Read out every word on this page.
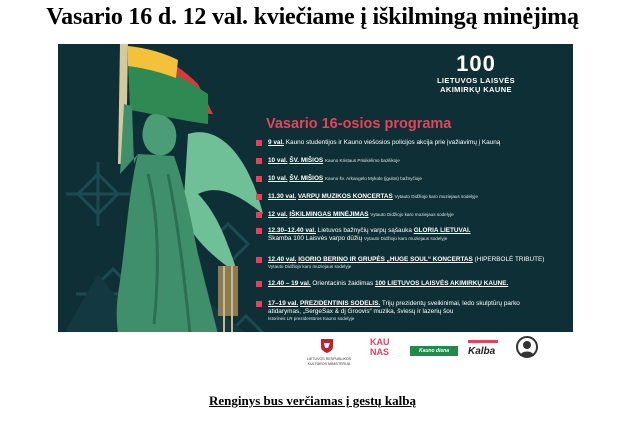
Vasario 16 d. 12 val. kviečiame į iškilmingą minėjimą
100
LIETUVOS LAISVĖS
AKIMIRKŲ KAUNE
Vasario 16-osios programa
9 val. Kauno studentijos ir Kauno viešosios policijos akcija prie įvažiavimų į Kauną
10 val. ŠV. MIŠIOS Kauno Kristaus Prisikėlimo bazilikoje
10 val. ŠV. MIŠIOS Kauno šv. Arkangelo Mykolo (įgulos) bažnyčioje
11.30 val. VARPŲ MUZIKOS KONCERTAS Vytauto Didžiojo karo muziejaus sodelyje
12 val. IŠKILMINGAS MINĖJIMAS Vytauto Didžiojo karo muziejaus sodelyje
12.30–12.40 val. Lietuvos bažnyčių varpų sąšauka GLORIA LIETUVAI.
Skamba 100 Laisvės varpo dūžių Vytauto Didžiojo karo muziejaus sodelyje
12.40 val. IGORIO BERINO IR GRUPĖS „HUGE SOUL“ KONCERTAS (HIPERBOLĖ TRIBUTE)
Vytauto Didžiojo karo muziejaus sodelyje
12.40 – 19 val. Orientacinis žaidimas 100 LIETUVOS LAISVĖS AKIMIRKŲ KAUNE.
17–19 val. PREZIDENTINIS SODELIS. Trijų prezidentų sveikinimai, ledo skulptūrų parko
atidarymas, „SergeSax & dj Groovis“ muzika, šviesų ir lazerių šou
Istorinės LR prezidentūros Kauno sodelyje
LIETUVOS RESPUBLIKOS
KULTŪROS MINISTERIJA
KAUNAS	Kauno diena	Kalba
Renginys bus verčiamas į gestų kalbą
